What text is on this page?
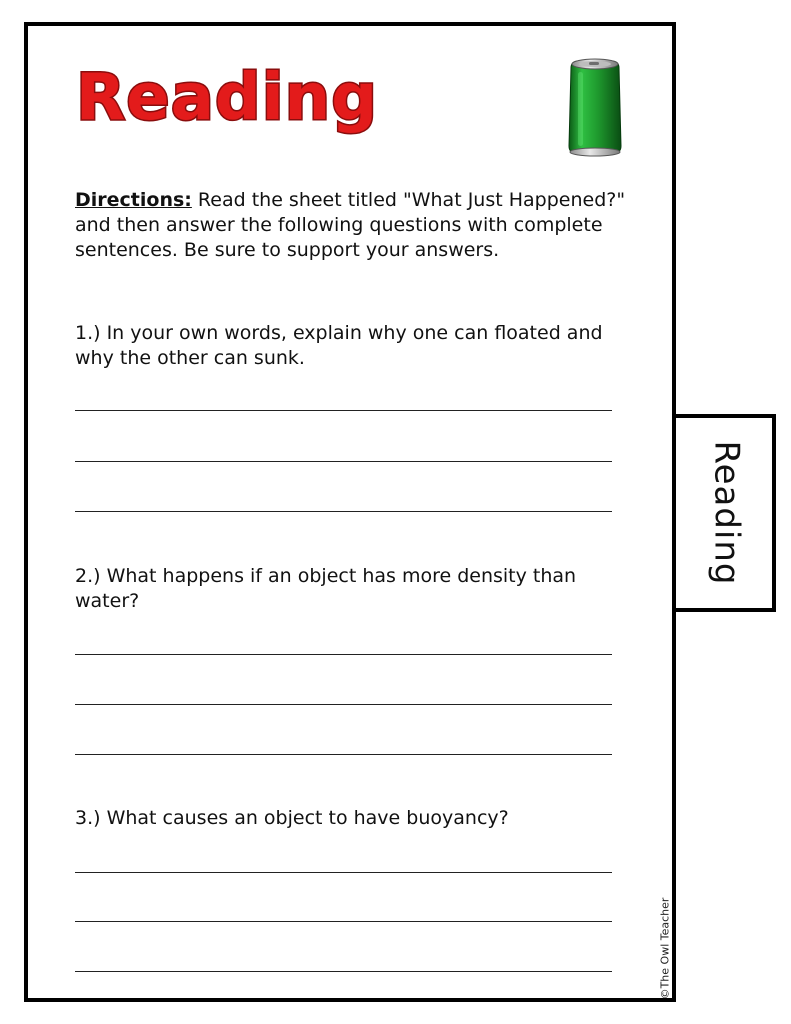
Reading
Reading
Directions: Read the sheet titled "What Just Happened?" and then answer the following questions with complete sentences. Be sure to support your answers.
1.) In your own words, explain why one can floated and why the other can sunk.
2.) What happens if an object has more density than water?
3.) What causes an object to have buoyancy?
©The Owl Teacher
